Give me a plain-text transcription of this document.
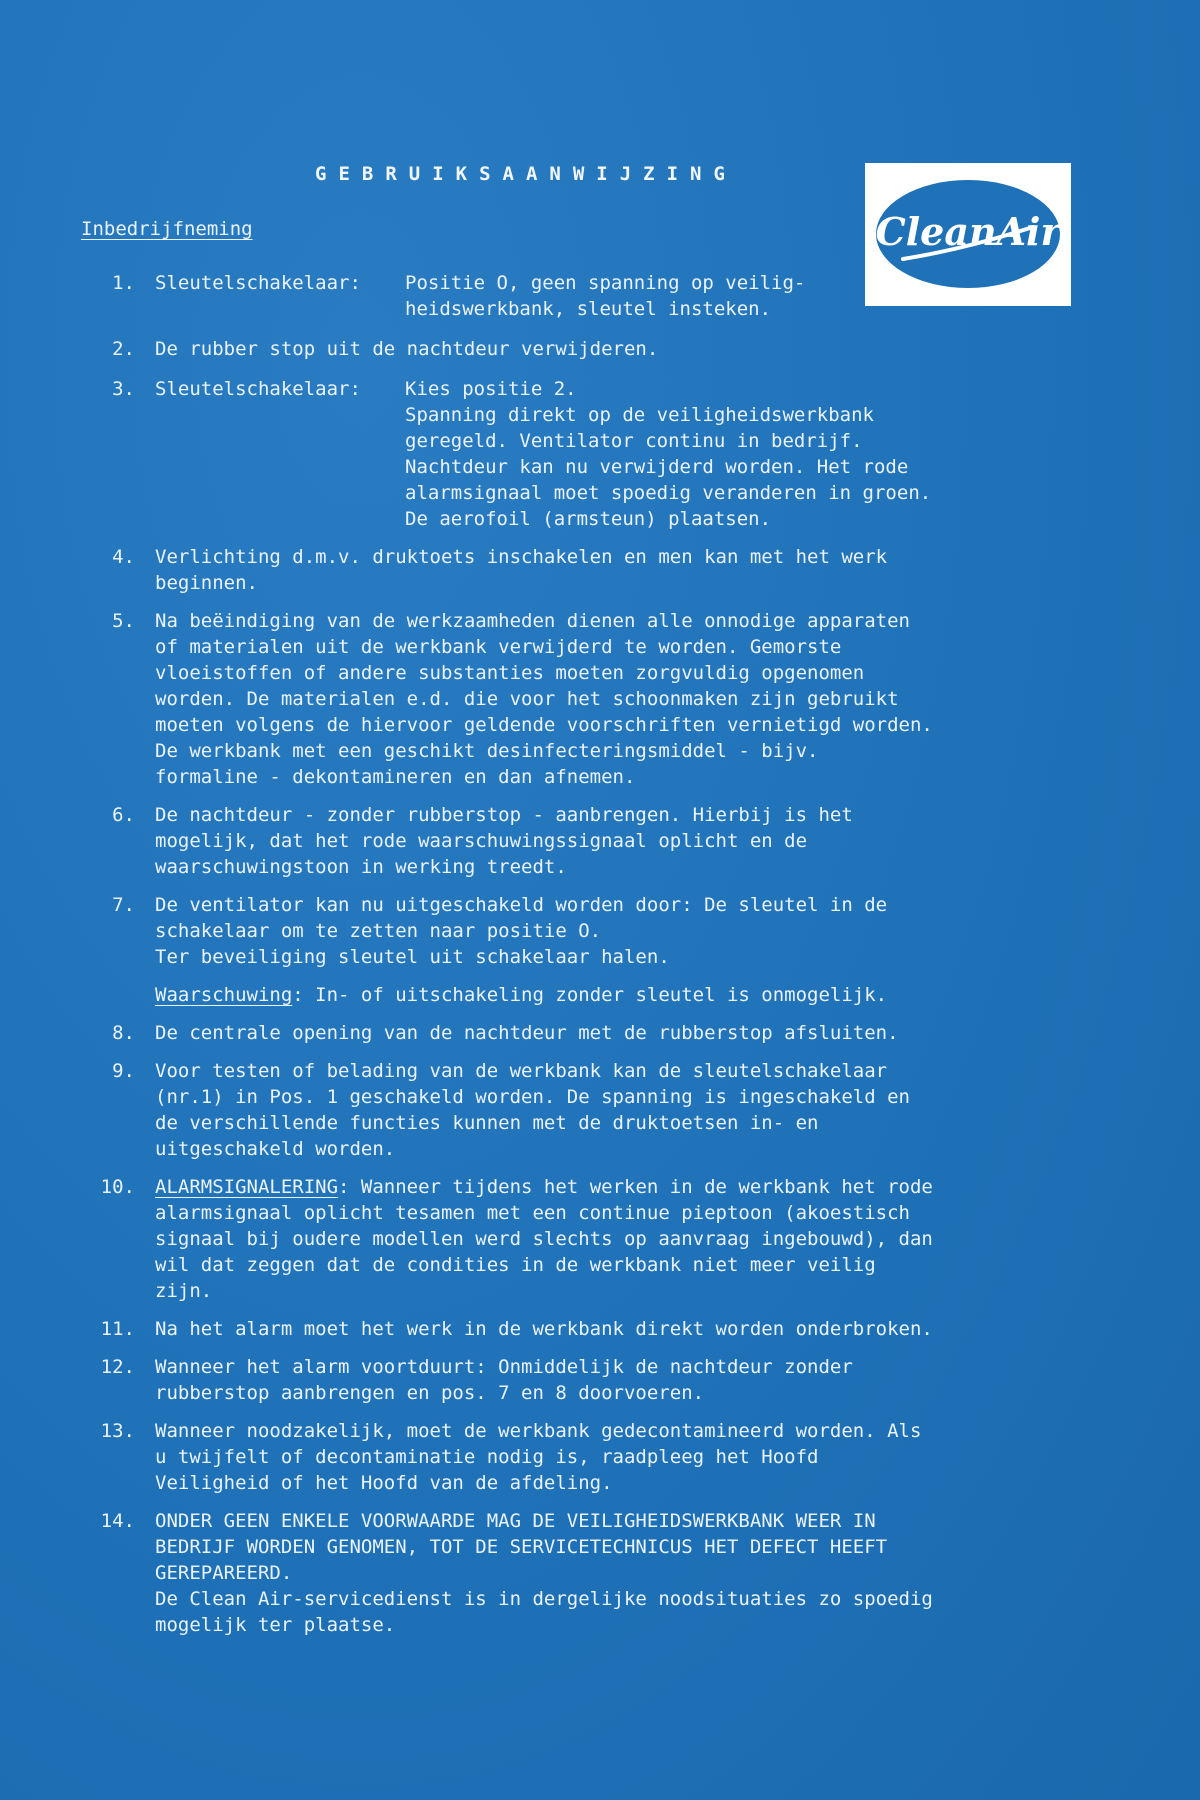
GEBRUIKSAANWIJZING
CleanAir
Inbedrijfneming
1. Sleutelschakelaar:	Positie O, geen spanning op veilig-
heidswerkbank, sleutel insteken.
2. De rubber stop uit de nachtdeur verwijderen.
3. Sleutelschakelaar:	Kies positie 2.
Spanning direkt op de veiligheidswerkbank
geregeld. Ventilator continu in bedrijf.
Nachtdeur kan nu verwijderd worden. Het rode
alarmsignaal moet spoedig veranderen in groen.
De aerofoil (armsteun) plaatsen.
4. Verlichting d.m.v. druktoets inschakelen en men kan met het werk
beginnen.
5. Na beëindiging van de werkzaamheden dienen alle onnodige apparaten
of materialen uit de werkbank verwijderd te worden. Gemorste
vloeistoffen of andere substanties moeten zorgvuldig opgenomen
worden. De materialen e.d. die voor het schoonmaken zijn gebruikt
moeten volgens de hiervoor geldende voorschriften vernietigd worden.
De werkbank met een geschikt desinfecteringsmiddel - bijv.
formaline - dekontamineren en dan afnemen.
6. De nachtdeur - zonder rubberstop - aanbrengen. Hierbij is het
mogelijk, dat het rode waarschuwingssignaal oplicht en de
waarschuwingstoon in werking treedt.
7. De ventilator kan nu uitgeschakeld worden door: De sleutel in de
schakelaar om te zetten naar positie O.
Ter beveiliging sleutel uit schakelaar halen.
Waarschuwing: In- of uitschakeling zonder sleutel is onmogelijk.
8. De centrale opening van de nachtdeur met de rubberstop afsluiten.
9. Voor testen of belading van de werkbank kan de sleutelschakelaar
(nr.1) in Pos. 1 geschakeld worden. De spanning is ingeschakeld en
de verschillende functies kunnen met de druktoetsen in- en
uitgeschakeld worden.
10. ALARMSIGNALERING: Wanneer tijdens het werken in de werkbank het rode
alarmsignaal oplicht tesamen met een continue pieptoon (akoestisch
signaal bij oudere modellen werd slechts op aanvraag ingebouwd), dan
wil dat zeggen dat de condities in de werkbank niet meer veilig
zijn.
11. Na het alarm moet het werk in de werkbank direkt worden onderbroken.
12. Wanneer het alarm voortduurt: Onmiddelijk de nachtdeur zonder
rubberstop aanbrengen en pos. 7 en 8 doorvoeren.
13. Wanneer noodzakelijk, moet de werkbank gedecontamineerd worden. Als
u twijfelt of decontaminatie nodig is, raadpleeg het Hoofd
Veiligheid of het Hoofd van de afdeling.
14. ONDER GEEN ENKELE VOORWAARDE MAG DE VEILIGHEIDSWERKBANK WEER IN
BEDRIJF WORDEN GENOMEN, TOT DE SERVICETECHNICUS HET DEFECT HEEFT
GEREPAREERD.
De Clean Air-servicedienst is in dergelijke noodsituaties zo spoedig
mogelijk ter plaatse.
